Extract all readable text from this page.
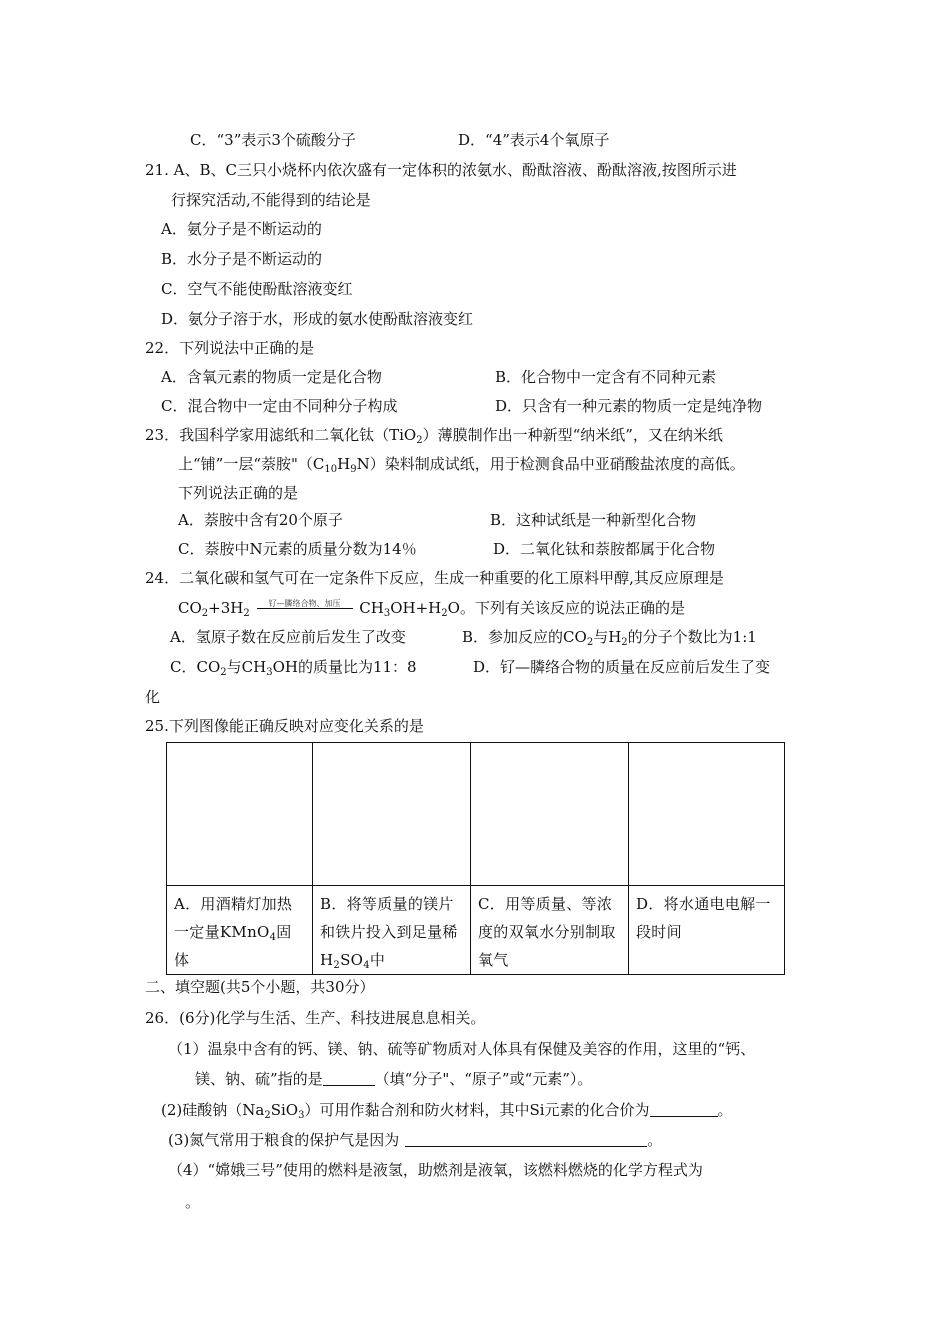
C．“3”表示3个硫酸分子	D．“4”表示4个氧原子
21. A、B、C三只小烧杯内依次盛有一定体积的浓氨水、酚酞溶液、酚酞溶液,按图所示进
行探究活动,不能得到的结论是
A．氨分子是不断运动的
B．水分子是不断运动的
C．空气不能使酚酞溶液变红
D．氨分子溶于水，形成的氨水使酚酞溶液变红
22．下列说法中正确的是
A．含氧元素的物质一定是化合物	B．化合物中一定含有不同种元素
C．混合物中一定由不同种分子构成	D．只含有一种元素的物质一定是纯净物
23．我国科学家用滤纸和二氧化钛（TiO$_2$）薄膜制作出一种新型“纳米纸”，又在纳米纸
上“铺”一层“萘胺"$(C_{10}H_9N)$染料制成试纸，用于检测食品中亚硝酸盐浓度的高低。
下列说法正确的是
A．萘胺中含有20个原子	B．这种试纸是一种新型化合物
C．萘胺中N元素的质量分数为14％	D．二氧化钛和萘胺都属于化合物
24．二氧化碳和氢气可在一定条件下反应，生成一种重要的化工原料甲醇,其反应原理是
$CO_2+3H_2$
钌—膦络合物、加压	$CH_3OH+H_2O$。下列有关该反应的说法正确的是
A．氢原子数在反应前后发生了改变	B．参加反应的$CO_2$与$H_2$的分子个数比为1:1
C．$CO_2$与$CH_3OH$的质量比为11：8	D．钌—膦络合物的质量在反应前后发生了变
化
25.下列图像能正确反映对应变化关系的是

A．用酒精灯加热一定量KMnO$_4$固体	B．将等质量的镁片和铁片投入到足量稀$H_2SO_4$中	C．用等质量、等浓度的双氧水分别制取氧气	D．将水通电电解一段时间
二、填空题(共5个小题，共30分）
26．(6分)化学与生活、生产、科技进展息息相关。
（1）温泉中含有的钙、镁、钠、硫等矿物质对人体具有保健及美容的作用，这里的“钙、
镁、钠、硫”指的是	（填“分子"、“原子”或“元素”）。
(2)硅酸钠$(Na_2SiO_3)$可用作黏合剂和防火材料，其中Si元素的化合价为	。
(3)氮气常用于粮食的保护气是因为	。
（4）“嫦娥三号”使用的燃料是液氢，助燃剂是液氧，该燃料燃烧的化学方程式为
。
